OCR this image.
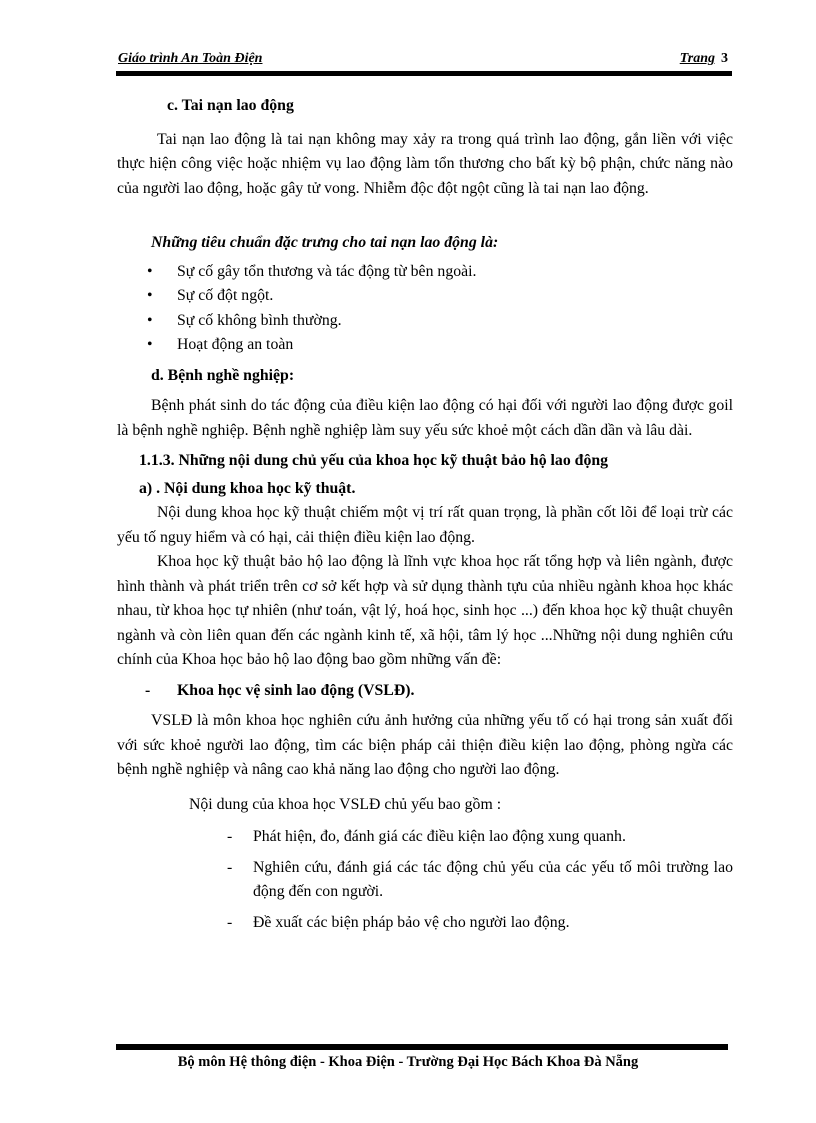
Giáo trình An Toàn Điện	Trang 3

c. Tai nạn lao động

Tai nạn lao động là tai nạn không may xảy ra trong quá trình lao động, gắn liền với việc thực hiện công việc hoặc nhiệm vụ lao động làm tổn thương cho bất kỳ bộ phận, chức năng nào của người lao động, hoặc gây tử vong. Nhiễm độc đột ngột cũng là tai nạn lao động.

Những tiêu chuẩn đặc trưng cho tai nạn lao động là:

• Sự cố gây tổn thương và tác động từ bên ngoài.
• Sự cố đột ngột.
• Sự cố không bình thường.
• Hoạt động an toàn

d. Bệnh nghề nghiệp:

Bệnh phát sinh do tác động của điều kiện lao động có hại đối với người lao động được goil là bệnh nghề nghiệp. Bệnh nghề nghiệp làm suy yếu sức khoẻ một cách dần dần và lâu dài.

1.1.3. Những nội dung chủ yếu của khoa học kỹ thuật bảo hộ lao động

a) . Nội dung khoa học kỹ thuật.

Nội dung khoa học kỹ thuật chiếm một vị trí rất quan trọng, là phần cốt lõi để loại trừ các yếu tố nguy hiểm và có hại, cải thiện điều kiện lao động.

Khoa học kỹ thuật bảo hộ lao động là lĩnh vực khoa học rất tổng hợp và liên ngành, được hình thành và phát triển trên cơ sở kết hợp và sử dụng thành tựu của nhiều ngành khoa học khác nhau, từ khoa học tự nhiên (như toán, vật lý, hoá học, sinh học ...) đến khoa học kỹ thuật chuyên ngành và còn liên quan đến các ngành kinh tế, xã hội, tâm lý học ...Những nội dung nghiên cứu chính của Khoa học bảo hộ lao động bao gồm những vấn đề:

- Khoa học vệ sinh lao động (VSLĐ).

VSLĐ là môn khoa học nghiên cứu ảnh hưởng của những yếu tố có hại trong sản xuất đối với sức khoẻ người lao động, tìm các biện pháp cải thiện điều kiện lao động, phòng ngừa các bệnh nghề nghiệp và nâng cao khả năng lao động cho người lao động.

Nội dung của khoa học VSLĐ chủ yếu bao gồm :

- Phát hiện, đo, đánh giá các điều kiện lao động xung quanh.
- Nghiên cứu, đánh giá các tác động chủ yếu của các yếu tố môi trường lao động đến con người.
- Đề xuất các biện pháp bảo vệ cho người lao động.
Bộ môn Hệ thông điện - Khoa Điện - Trường Đại Học Bách Khoa Đà Nẵng
